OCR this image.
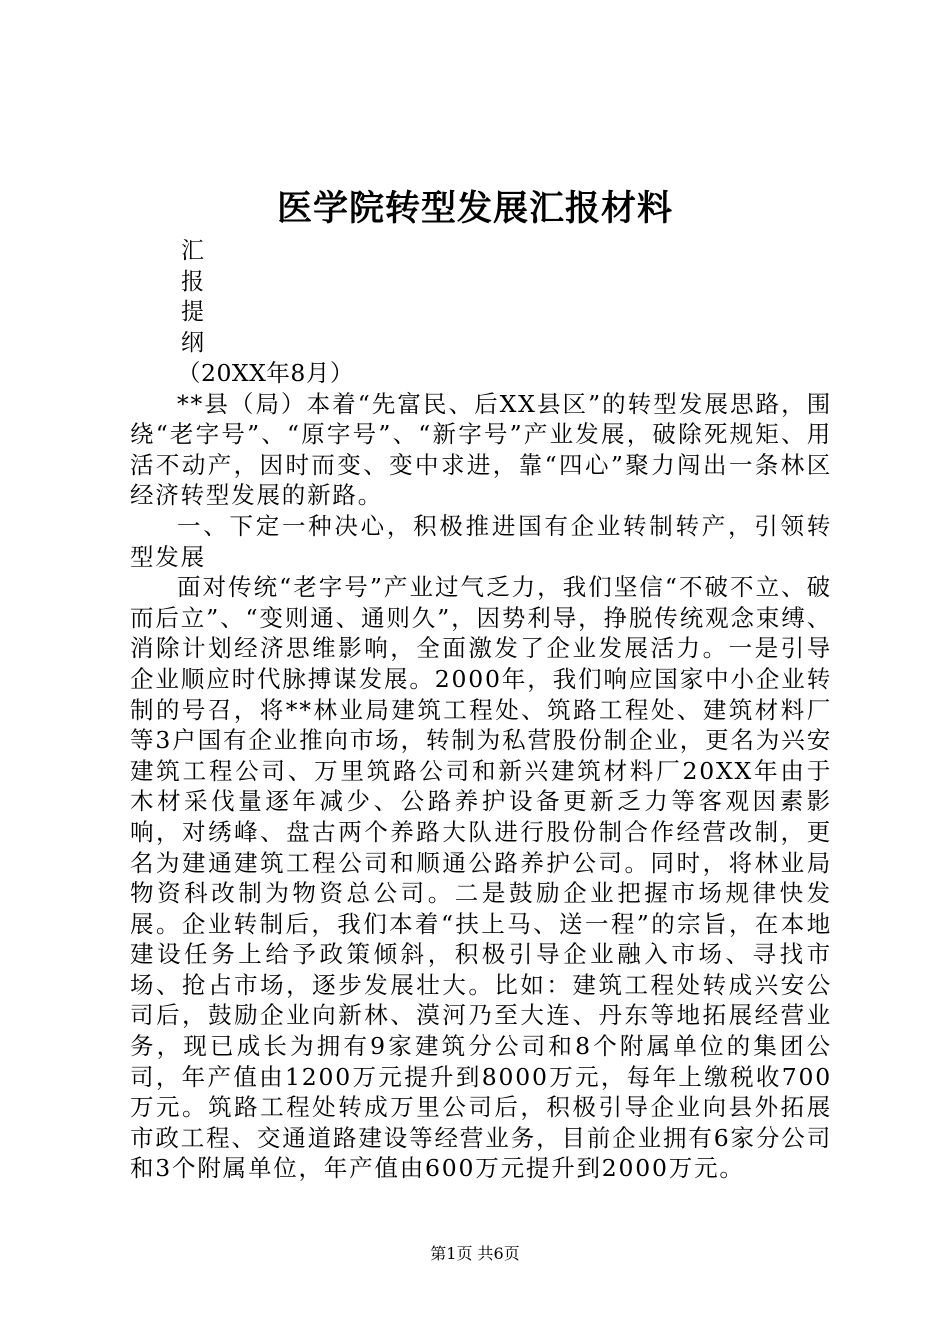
医学院转型发展汇报材料
汇
报
提
纲

（20XX年8月）

**县（局）本着“先富民、后XX县区”的转型发展思路，围绕“老字号”、“原字号”、“新字号”产业发展，破除死规矩、用活不动产，因时而变、变中求进，靠“四心”聚力闯出一条林区经济转型发展的新路。

一、下定一种决心，积极推进国有企业转制转产，引领转型发展

面对传统“老字号”产业过气乏力，我们坚信“不破不立、破而后立”、“变则通、通则久”，因势利导，挣脱传统观念束缚、消除计划经济思维影响，全面激发了企业发展活力。一是引导企业顺应时代脉搏谋发展。2000年，我们响应国家中小企业转制的号召，将**林业局建筑工程处、筑路工程处、建筑材料厂等3户国有企业推向市场，转制为私营股份制企业，更名为兴安建筑工程公司、万里筑路公司和新兴建筑材料厂20XX年由于木材采伐量逐年减少、公路养护设备更新乏力等客观因素影响，对绣峰、盘古两个养路大队进行股份制合作经营改制，更名为建通建筑工程公司和顺通公路养护公司。同时，将林业局物资科改制为物资总公司。二是鼓励企业把握市场规律快发展。企业转制后，我们本着“扶上马、送一程”的宗旨，在本地建设任务上给予政策倾斜，积极引导企业融入市场、寻找市场、抢占市场，逐步发展壮大。比如：建筑工程处转成兴安公司后，鼓励企业向新林、漠河乃至大连、丹东等地拓展经营业务，现已成长为拥有9家建筑分公司和8个附属单位的集团公司，年产值由1200万元提升到8000万元，每年上缴税收700万元。筑路工程处转成万里公司后，积极引导企业向县外拓展市政工程、交通道路建设等经营业务，目前企业拥有6家分公司和3个附属单位，年产值由600万元提升到2000万元。

第1页 共6页
